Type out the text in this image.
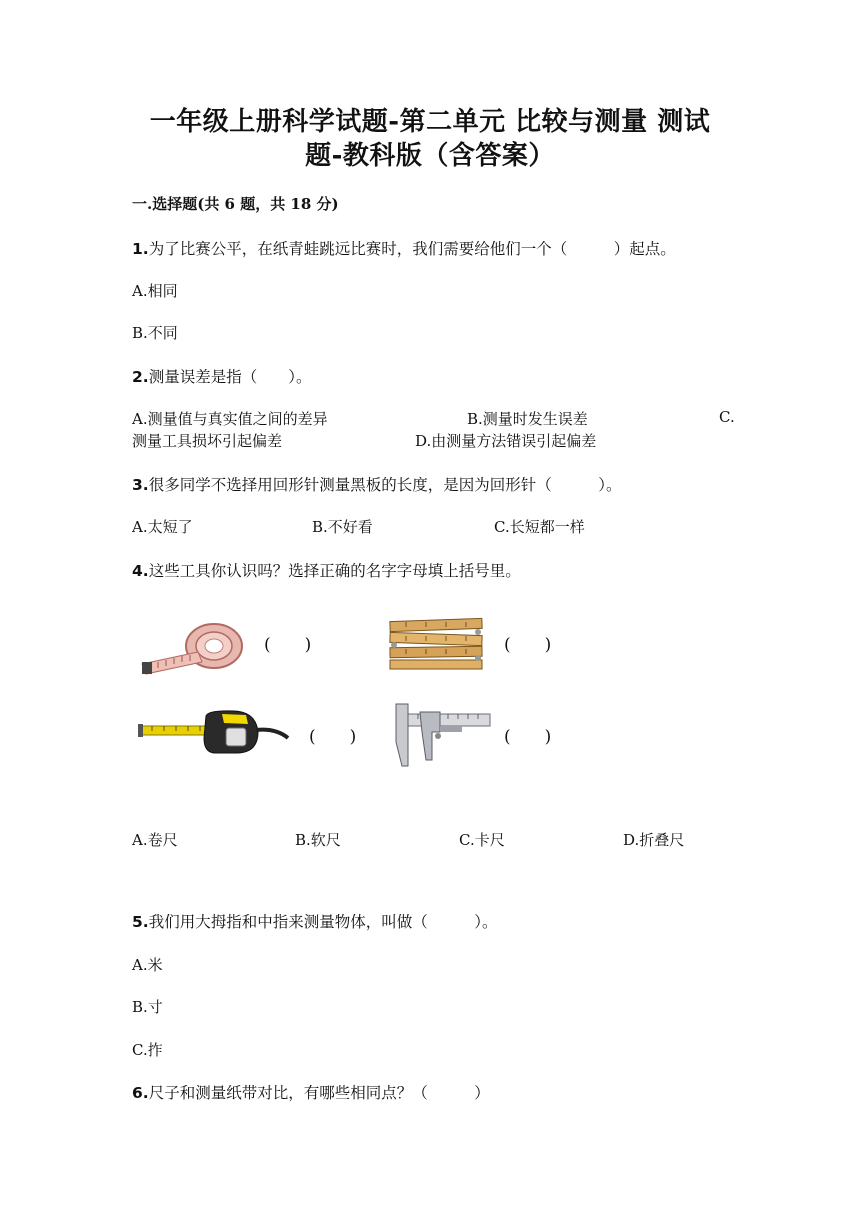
一年级上册科学试题-第二单元 比较与测量 测试
题-教科版（含答案）
一.选择题(共 6 题，共 18 分)
1.为了比赛公平，在纸青蛙跳远比赛时，我们需要给他们一个（　　　）起点。
A.相同
B.不同
2.测量误差是指（　　）。
A.测量值与真实值之间的差异	B.测量时发生误差	C.
测量工具损坏引起偏差	D.由测量方法错误引起偏差
3.很多同学不选择用回形针测量黑板的长度，是因为回形针（　　　）。
A.太短了	B.不好看	C.长短都一样
4.这些工具你认识吗？选择正确的名字字母填上括号里。
(　　)	(　　)
(　　)	(　　)
A.卷尺	B.软尺	C.卡尺	D.折叠尺
5.我们用大拇指和中指来测量物体，叫做（　　　）。
A.米
B.寸
C.拃
6.尺子和测量纸带对比，有哪些相同点？（　　　）
